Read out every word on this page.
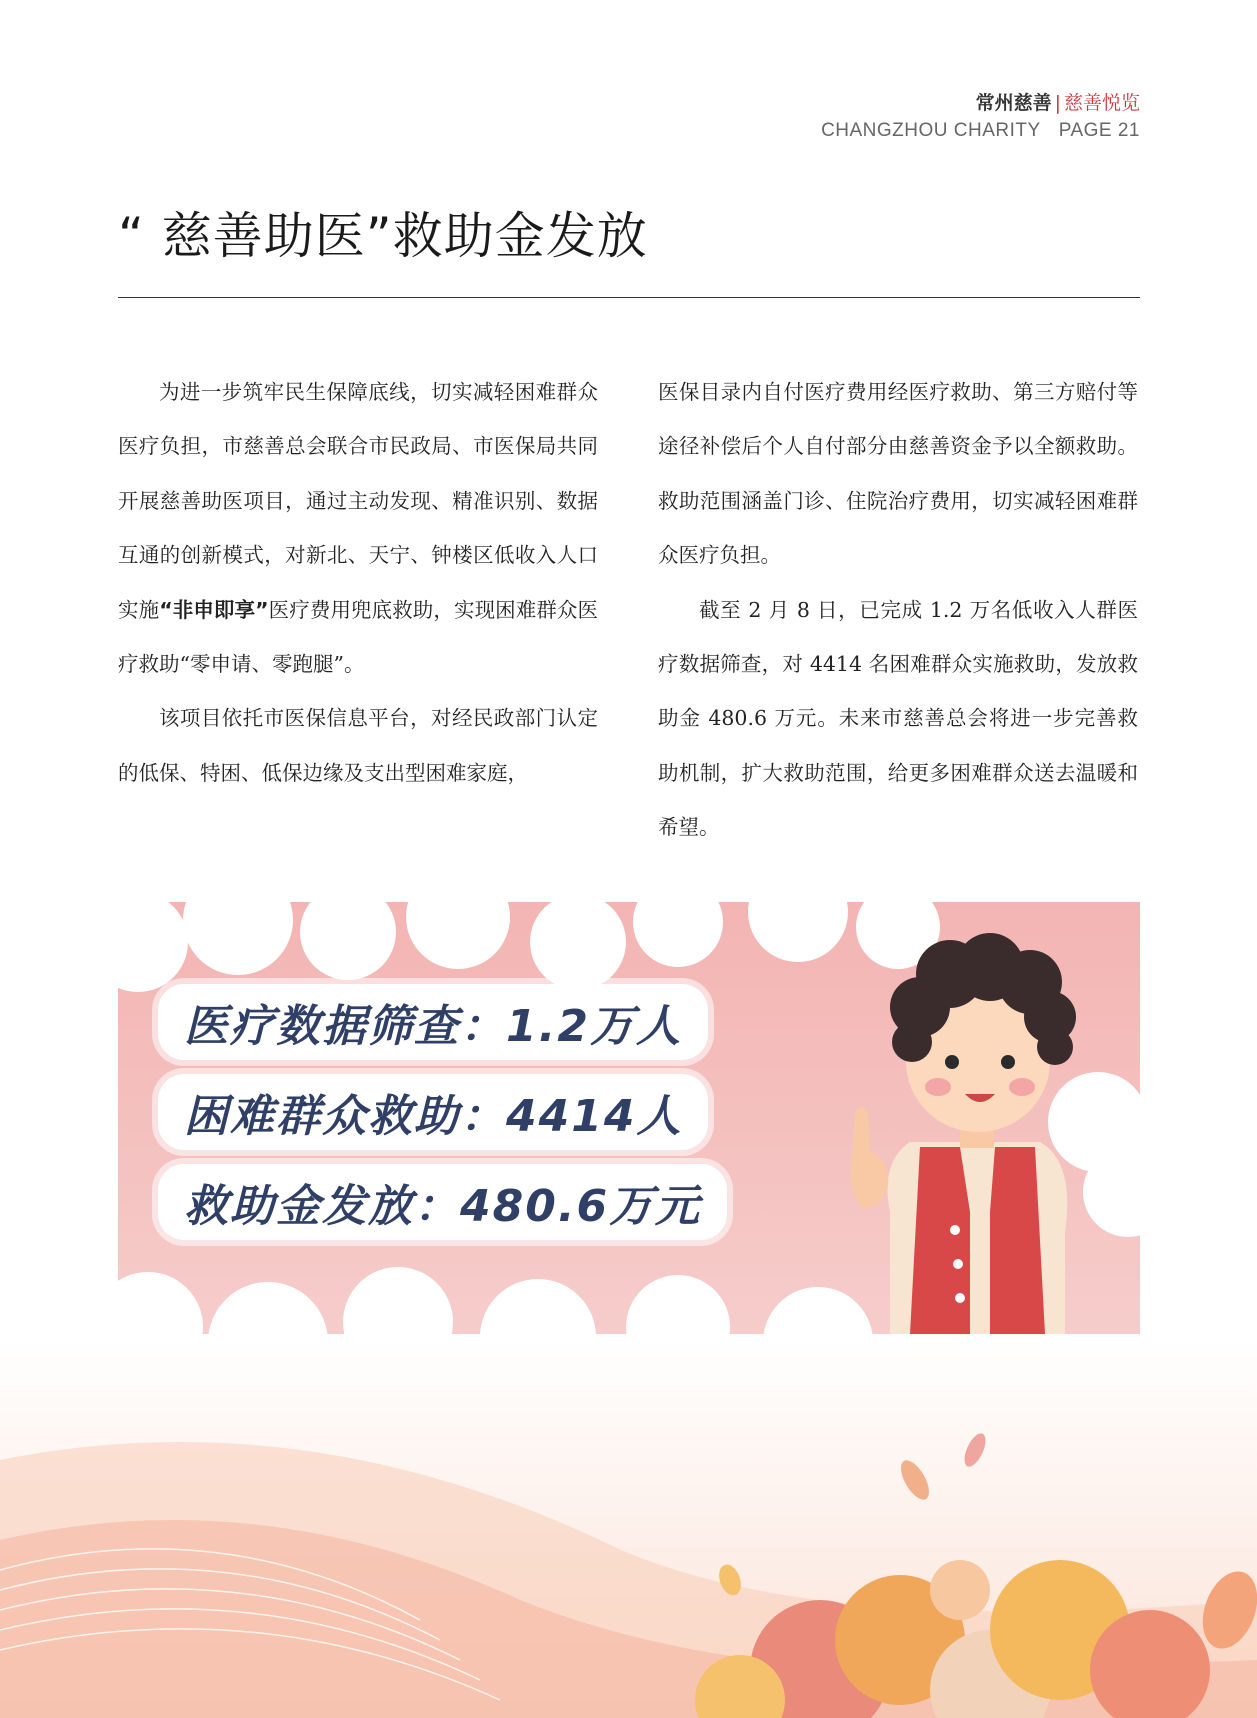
常州慈善 | 慈善悦览
CHANGZHOU CHARITY PAGE 21
“ 慈善助医”救助金发放

为进一步筑牢民生保障底线，切实减轻困难群众医疗负担，市慈善总会联合市民政局、市医保局共同开展慈善助医项目，通过主动发现、精准识别、数据互通的创新模式，对新北、天宁、钟楼区低收入人口实施“非申即享”医疗费用兜底救助，实现困难群众医疗救助“零申请、零跑腿”。

该项目依托市医保信息平台，对经民政部门认定的低保、特困、低保边缘及支出型困难家庭，

医保目录内自付医疗费用经医疗救助、第三方赔付等途径补偿后个人自付部分由慈善资金予以全额救助。救助范围涵盖门诊、住院治疗费用，切实减轻困难群众医疗负担。

截至 2 月 8 日，已完成 1.2 万名低收入人群医疗数据筛查，对 4414 名困难群众实施救助，发放救助金 480.6 万元。未来市慈善总会将进一步完善救助机制，扩大救助范围，给更多困难群众送去温暖和希望。

医疗数据筛查：1.2万人
困难群众救助：4414人
救助金发放：480.6万元
